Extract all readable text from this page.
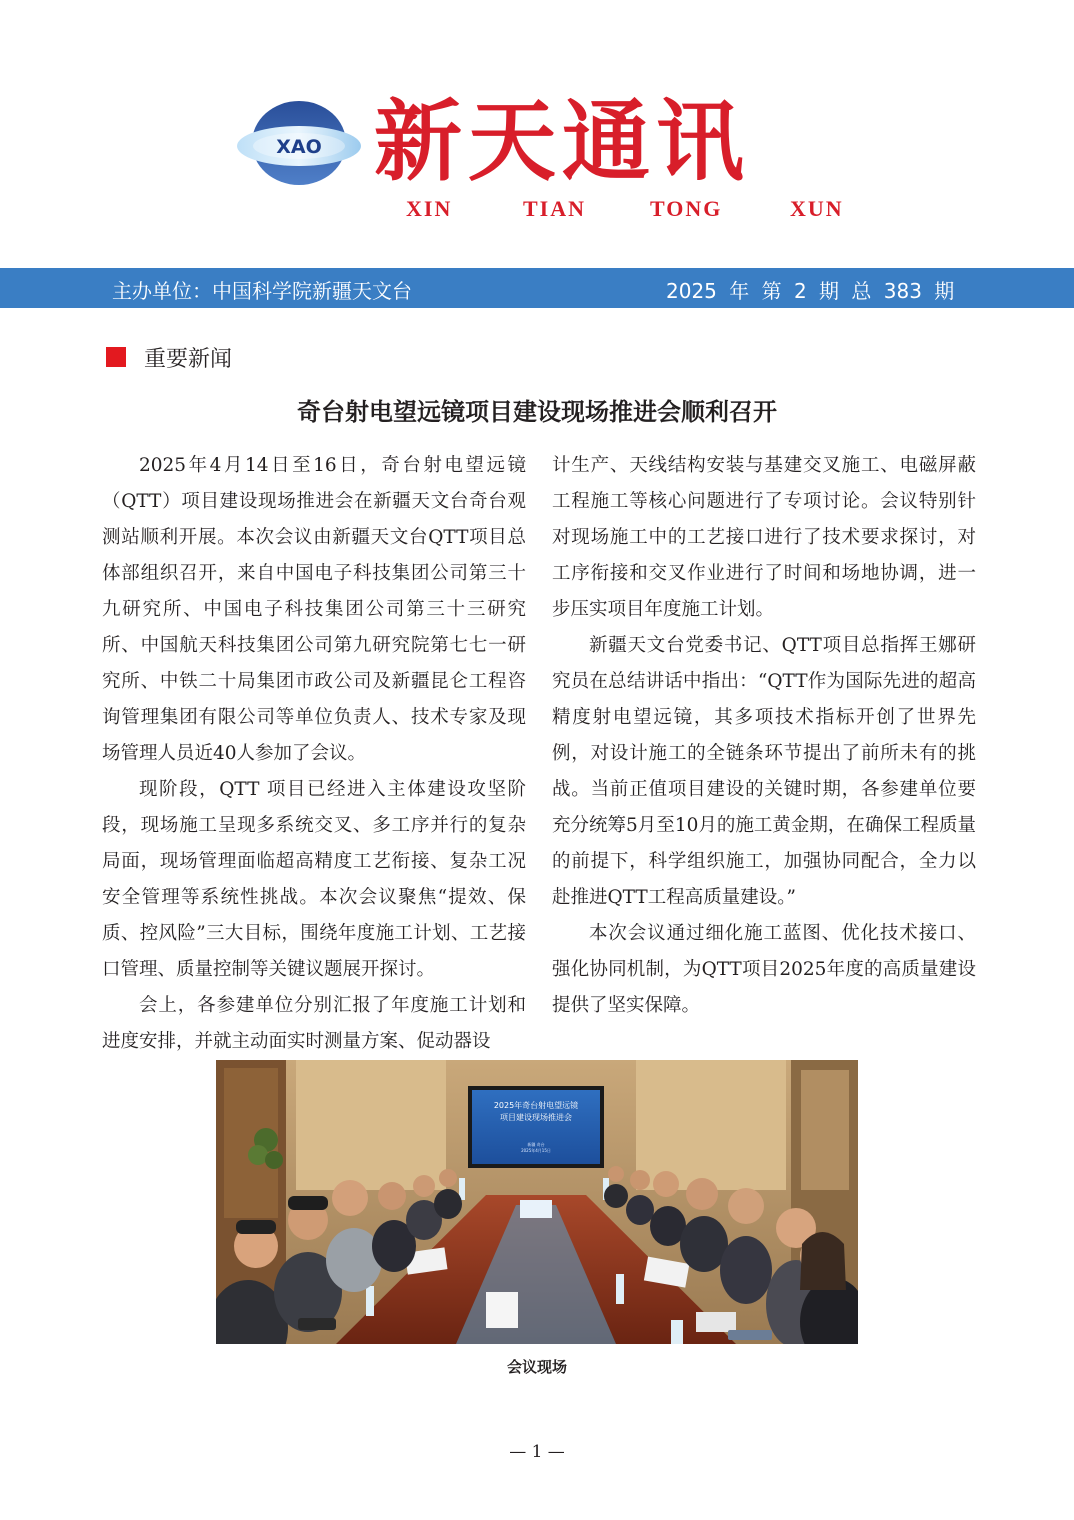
XAO 新天通讯
XIN	TIAN	TONG	XUN
主办单位：中国科学院新疆天文台	2025 年 第 2 期 总 383 期
重要新闻
奇台射电望远镜项目建设现场推进会顺利召开

2025年4月14日至16日，奇台射电望远镜（QTT）项目建设现场推进会在新疆天文台奇台观测站顺利开展。本次会议由新疆天文台QTT项目总体部组织召开，来自中国电子科技集团公司第三十九研究所、中国电子科技集团公司第三十三研究所、中国航天科技集团公司第九研究院第七七一研究所、中铁二十局集团市政公司及新疆昆仑工程咨询管理集团有限公司等单位负责人、技术专家及现场管理人员近40人参加了会议。

现阶段，QTT 项目已经进入主体建设攻坚阶段，现场施工呈现多系统交叉、多工序并行的复杂局面，现场管理面临超高精度工艺衔接、复杂工况安全管理等系统性挑战。本次会议聚焦“提效、保质、控风险”三大目标，围绕年度施工计划、工艺接口管理、质量控制等关键议题展开探讨。

会上，各参建单位分别汇报了年度施工计划和进度安排，并就主动面实时测量方案、促动器设

计生产、天线结构安装与基建交叉施工、电磁屏蔽工程施工等核心问题进行了专项讨论。会议特别针对现场施工中的工艺接口进行了技术要求探讨，对工序衔接和交叉作业进行了时间和场地协调，进一步压实项目年度施工计划。

新疆天文台党委书记、QTT项目总指挥王娜研究员在总结讲话中指出：“QTT作为国际先进的超高精度射电望远镜，其多项技术指标开创了世界先例，对设计施工的全链条环节提出了前所未有的挑战。当前正值项目建设的关键时期，各参建单位要充分统筹5月至10月的施工黄金期，在确保工程质量的前提下，科学组织施工，加强协同配合，全力以赴推进QTT工程高质量建设。”

本次会议通过细化施工蓝图、优化技术接口、强化协同机制，为QTT项目2025年度的高质量建设提供了坚实保障。

2025年奇台射电望远镜
项目建设现场推进会
新疆 奇台
2025年4月15日
会议现场
— 1 —
